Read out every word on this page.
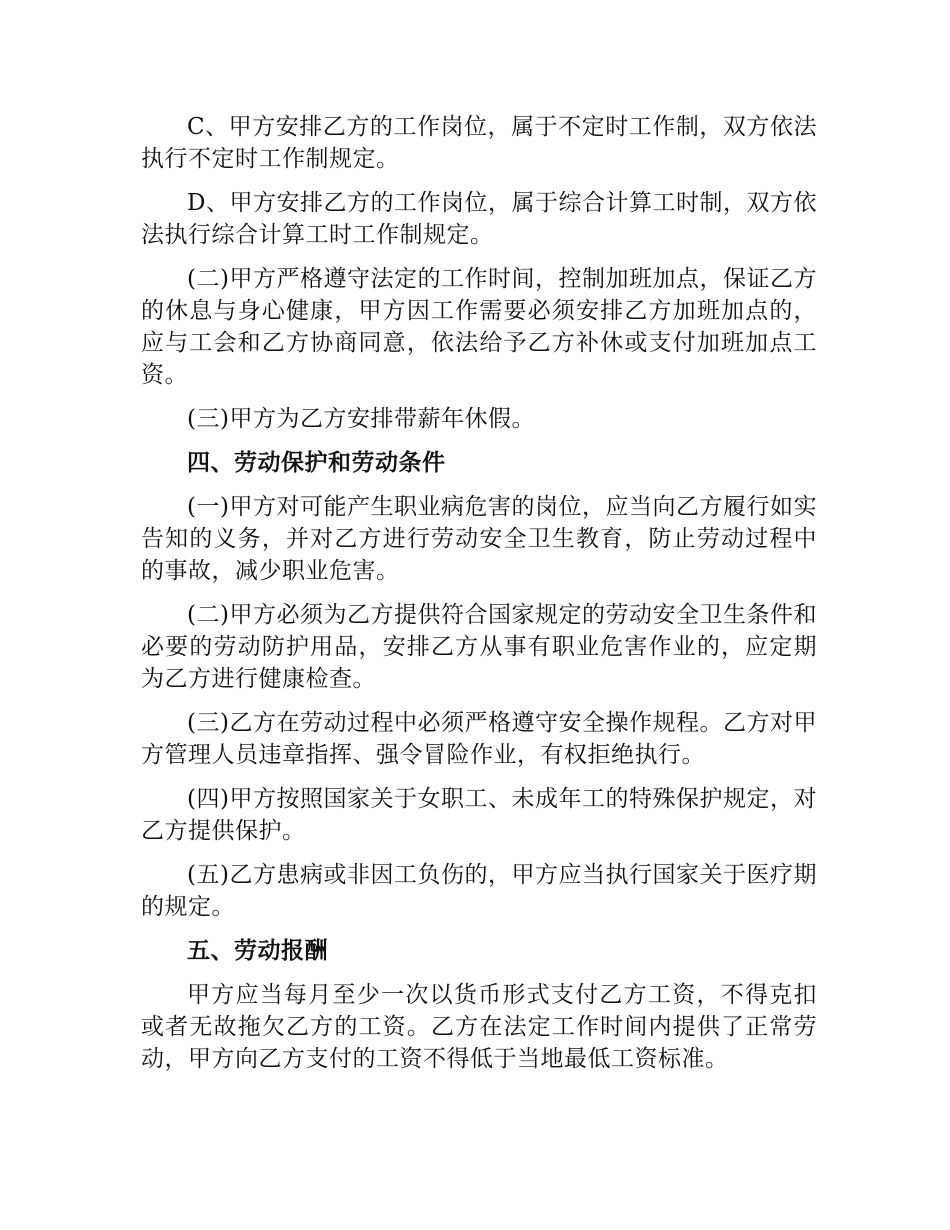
C、甲方安排乙方的工作岗位，属于不定时工作制，双方依法执行不定时工作制规定。

D、甲方安排乙方的工作岗位，属于综合计算工时制，双方依法执行综合计算工时工作制规定。

(二)甲方严格遵守法定的工作时间，控制加班加点，保证乙方的休息与身心健康，甲方因工作需要必须安排乙方加班加点的，应与工会和乙方协商同意，依法给予乙方补休或支付加班加点工资。

(三)甲方为乙方安排带薪年休假。

四、劳动保护和劳动条件

(一)甲方对可能产生职业病危害的岗位，应当向乙方履行如实告知的义务，并对乙方进行劳动安全卫生教育，防止劳动过程中的事故，减少职业危害。

(二)甲方必须为乙方提供符合国家规定的劳动安全卫生条件和必要的劳动防护用品，安排乙方从事有职业危害作业的，应定期为乙方进行健康检查。

(三)乙方在劳动过程中必须严格遵守安全操作规程。乙方对甲方管理人员违章指挥、强令冒险作业，有权拒绝执行。

(四)甲方按照国家关于女职工、未成年工的特殊保护规定，对乙方提供保护。

(五)乙方患病或非因工负伤的，甲方应当执行国家关于医疗期的规定。

五、劳动报酬

甲方应当每月至少一次以货币形式支付乙方工资，不得克扣或者无故拖欠乙方的工资。乙方在法定工作时间内提供了正常劳动，甲方向乙方支付的工资不得低于当地最低工资标准。
